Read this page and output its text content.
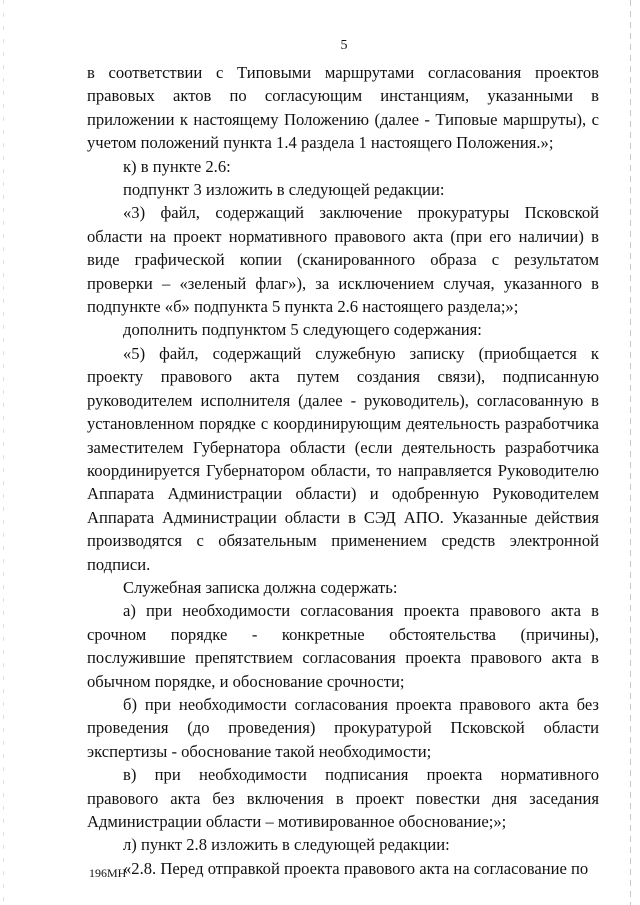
5

в соответствии с Типовыми маршрутами согласования проектов правовых актов по согласующим инстанциям, указанными в приложении к настоящему Положению (далее - Типовые маршруты), с учетом положений пункта 1.4 раздела 1 настоящего Положения.»;

к) в пункте 2.6:

подпункт 3 изложить в следующей редакции:

«3) файл, содержащий заключение прокуратуры Псковской области на проект нормативного правового акта (при его наличии) в виде графической копии (сканированного образа с результатом проверки – «зеленый флаг»), за исключением случая, указанного в подпункте «б» подпункта 5 пункта 2.6 настоящего раздела;»;

дополнить подпунктом 5 следующего содержания:

«5) файл, содержащий служебную записку (приобщается к проекту правового акта путем создания связи), подписанную руководителем исполнителя (далее - руководитель), согласованную в установленном порядке с координирующим деятельность разработчика заместителем Губернатора области (если деятельность разработчика координируется Губернатором области, то направляется Руководителю Аппарата Администрации области) и одобренную Руководителем Аппарата Администрации области в СЭД АПО. Указанные действия производятся с обязательным применением средств электронной подписи.

Служебная записка должна содержать:

а) при необходимости согласования проекта правового акта в срочном порядке - конкретные обстоятельства (причины), послужившие препятствием согласования проекта правового акта в обычном порядке, и обоснование срочности;

б) при необходимости согласования проекта правового акта без проведения (до проведения) прокуратурой Псковской области экспертизы - обоснование такой необходимости;

в) при необходимости подписания проекта нормативного правового акта без включения в проект повестки дня заседания Администрации области – мотивированное обоснование;»;

л) пункт 2.8 изложить в следующей редакции:

«2.8. Перед отправкой проекта правового акта на согласование по

196МН
